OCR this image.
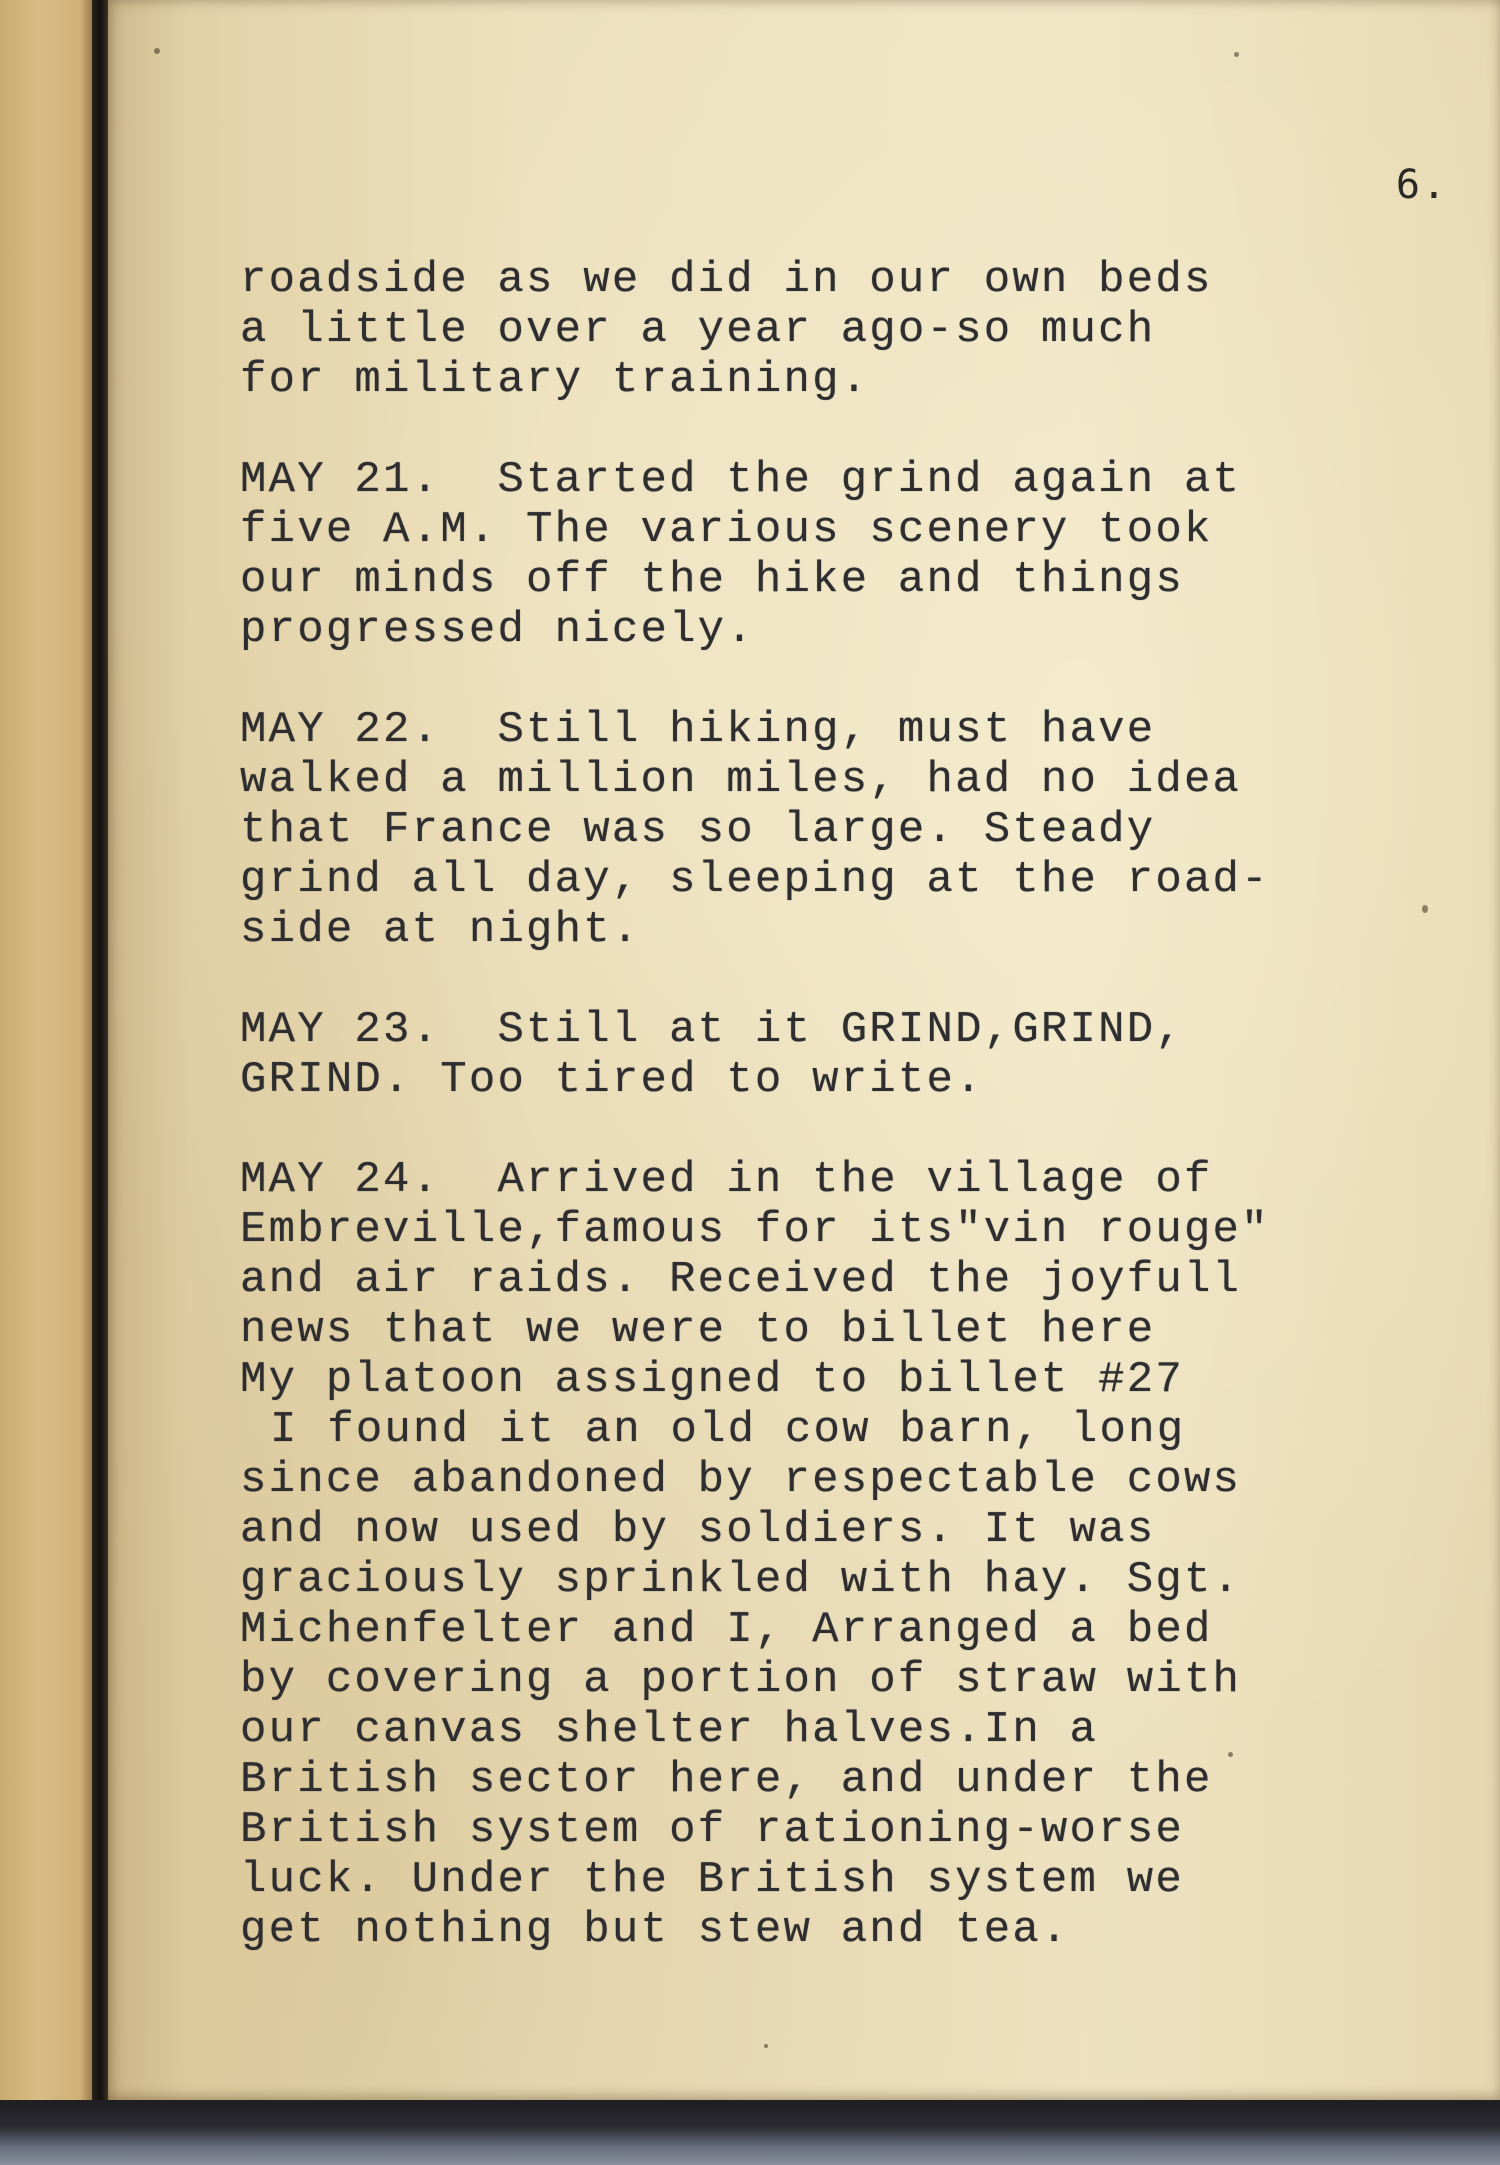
6.
roadside as we did in our own beds
a little over a year ago-so much
for military training.
MAY 21.  Started the grind again at
five A.M. The various scenery took
our minds off the hike and things
progressed nicely.
MAY 22.  Still hiking, must have
walked a million miles, had no idea
that France was so large. Steady
grind all day, sleeping at the road-
side at night.
MAY 23.  Still at it GRIND,GRIND,
GRIND. Too tired to write.
MAY 24.  Arrived in the village of
Embreville,famous for its"vin rouge"
and air raids. Received the joyfull
news that we were to billet here
My platoon assigned to billet #27
I found it an old cow barn, long
since abandoned by respectable cows
and now used by soldiers. It was
graciously sprinkled with hay. Sgt.
Michenfelter and I, Arranged a bed
by covering a portion of straw with
our canvas shelter halves.In a
British sector here, and under the
British system of rationing-worse
luck. Under the British system we
get nothing but stew and tea.
